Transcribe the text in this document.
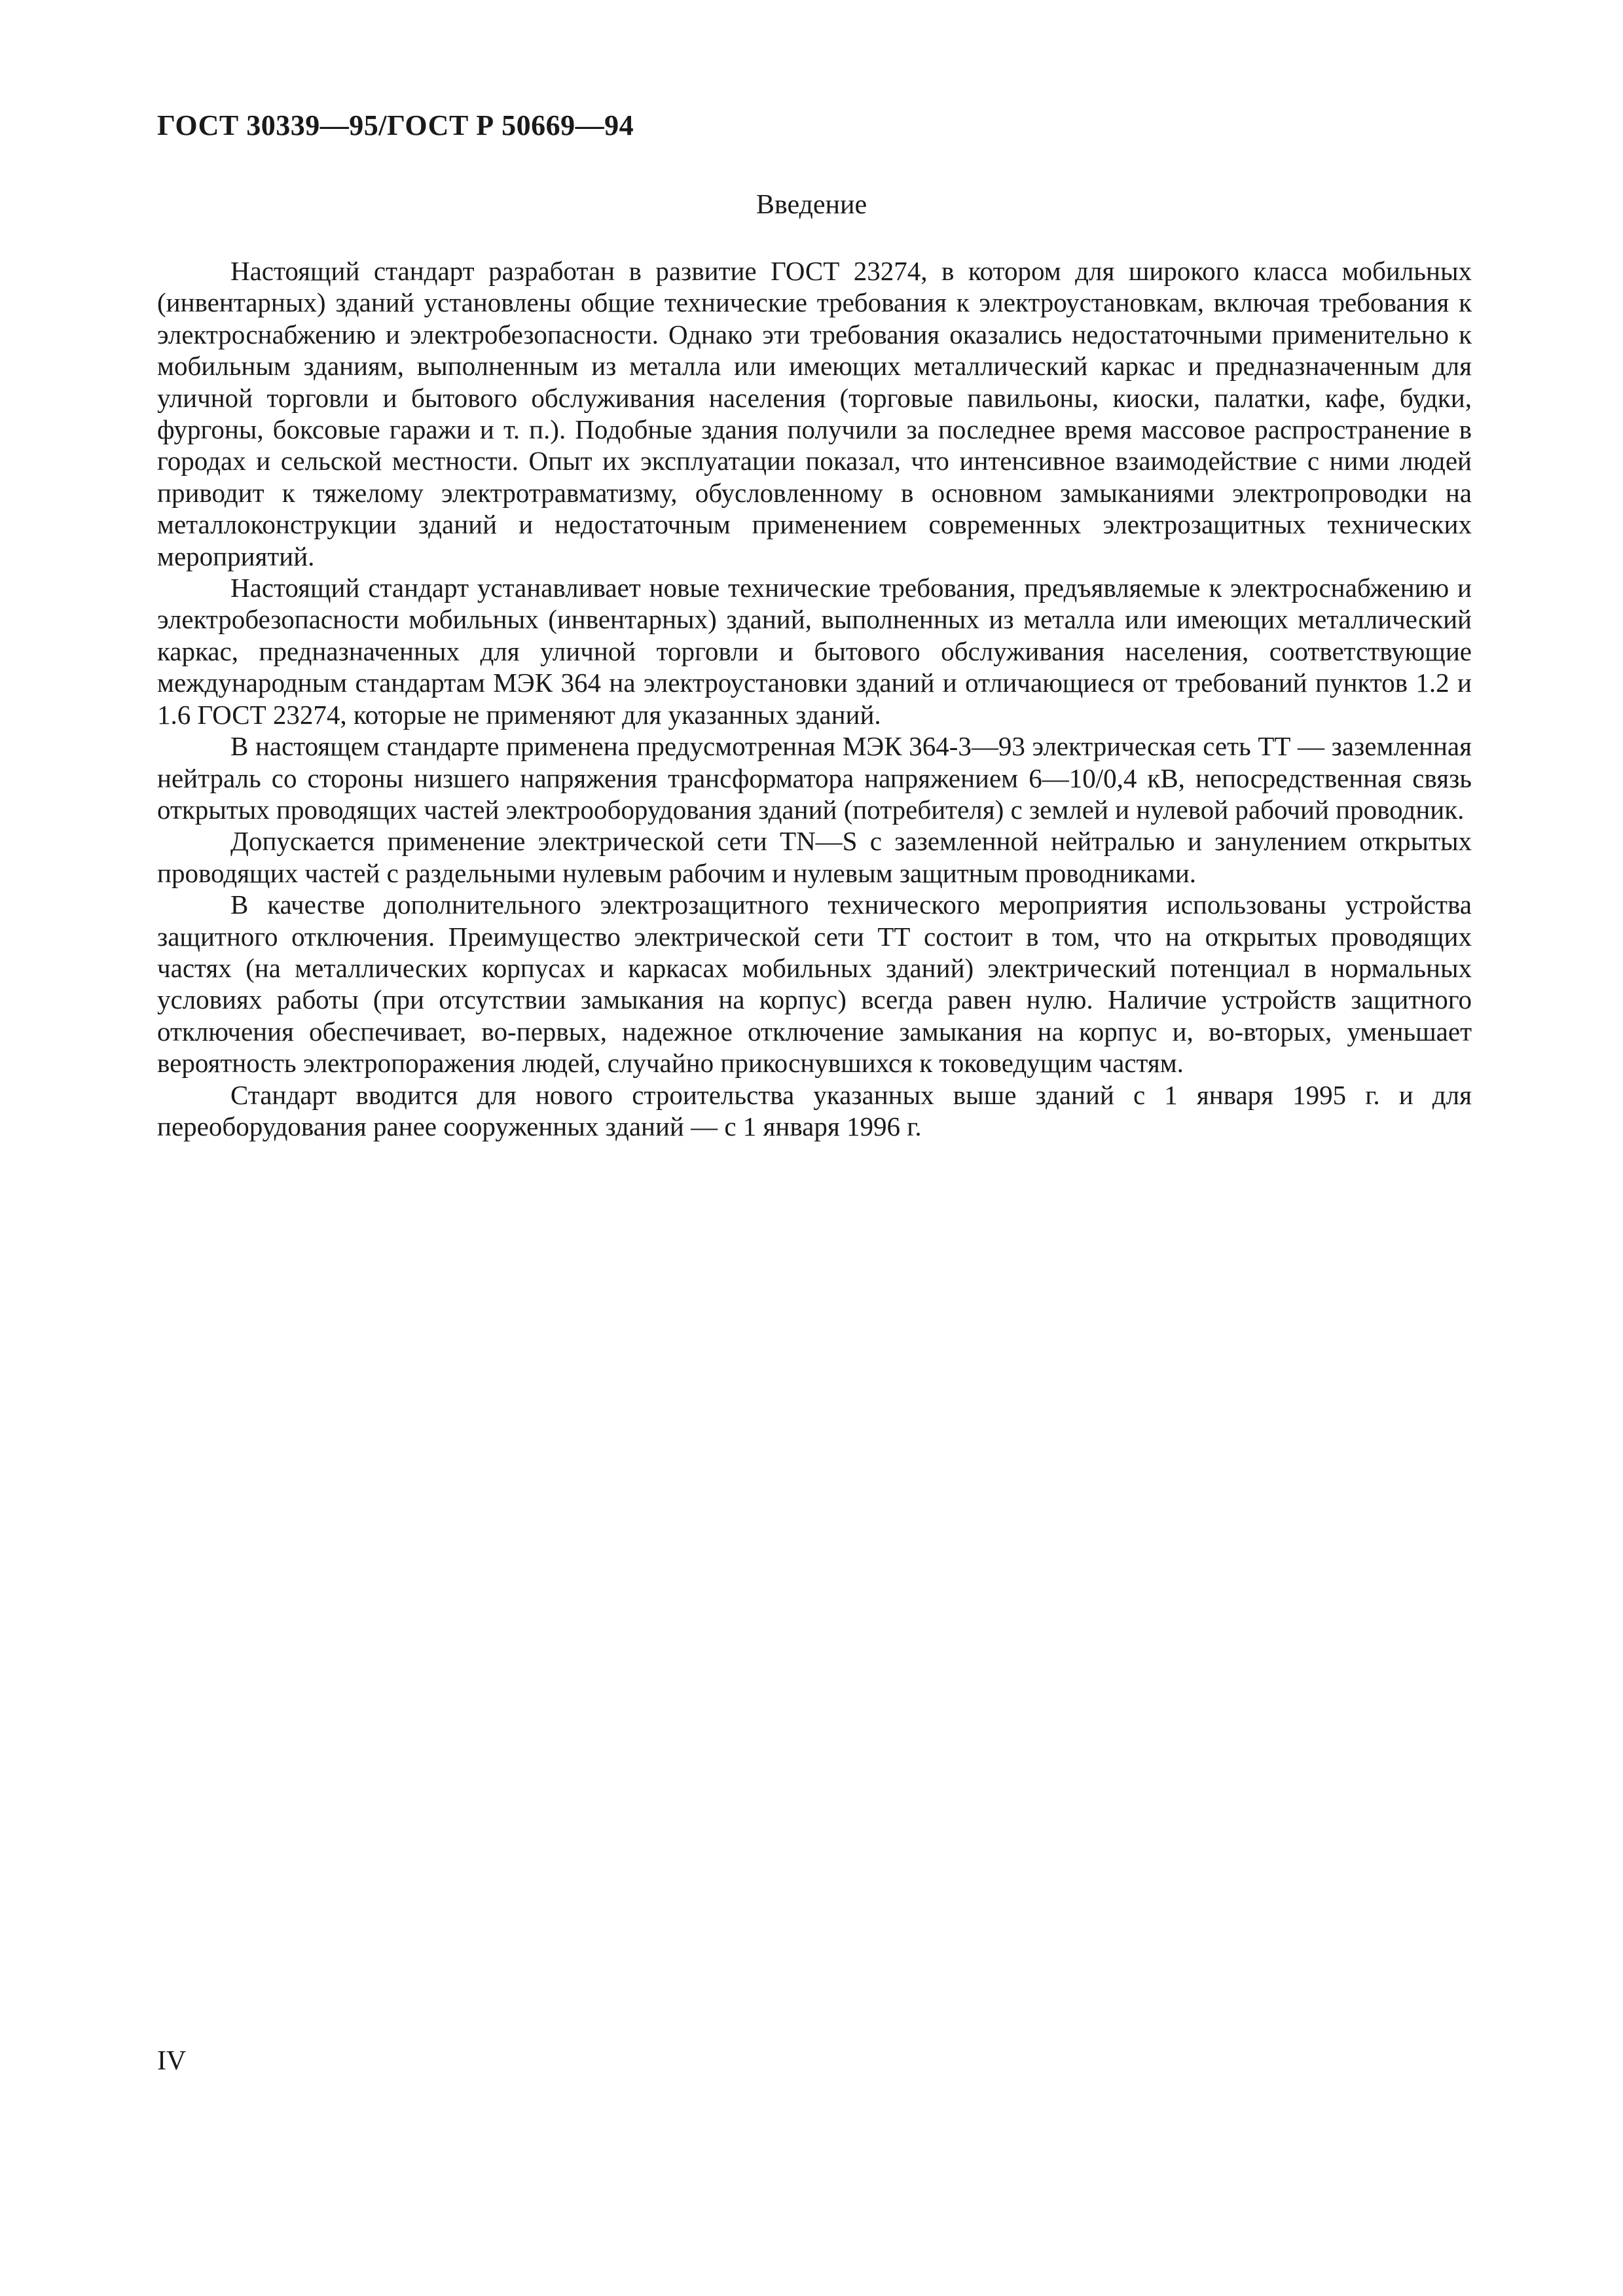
ГОСТ 30339—95/ГОСТ Р 50669—94
Введение

Настоящий стандарт разработан в развитие ГОСТ 23274, в котором для широкого класса мобильных (инвентарных) зданий установлены общие технические требования к электроустановкам, включая требования к электроснабжению и электробезопасности. Однако эти требования оказались недостаточными применительно к мобильным зданиям, выполненным из металла или имеющих металлический каркас и предназначенным для уличной торговли и бытового обслуживания населения (торговые павильоны, киоски, палатки, кафе, будки, фургоны, боксовые гаражи и т. п.). Подобные здания получили за последнее время массовое распространение в городах и сельской местности. Опыт их эксплуатации показал, что интенсивное взаимодействие с ними людей приводит к тяжелому электротравматизму, обусловленному в основном замыканиями электропроводки на металлоконструкции зданий и недостаточным применением современных электрозащитных технических мероприятий.

Настоящий стандарт устанавливает новые технические требования, предъявляемые к электроснабжению и электробезопасности мобильных (инвентарных) зданий, выполненных из металла или имеющих металлический каркас, предназначенных для уличной торговли и бытового обслуживания населения, соответствующие международным стандартам МЭК 364 на электроустановки зданий и отличающиеся от требований пунктов 1.2 и 1.6 ГОСТ 23274, которые не применяют для указанных зданий.

В настоящем стандарте применена предусмотренная МЭК 364-3—93 электрическая сеть ТТ — заземленная нейтраль со стороны низшего напряжения трансформатора напряжением 6—10/0,4 кВ, непосредственная связь открытых проводящих частей электрооборудования зданий (потребителя) с землей и нулевой рабочий проводник.

Допускается применение электрической сети TN—S с заземленной нейтралью и занулением открытых проводящих частей с раздельными нулевым рабочим и нулевым защитным проводниками.

В качестве дополнительного электрозащитного технического мероприятия использованы устройства защитного отключения. Преимущество электрической сети ТТ состоит в том, что на открытых проводящих частях (на металлических корпусах и каркасах мобильных зданий) электрический потенциал в нормальных условиях работы (при отсутствии замыкания на корпус) всегда равен нулю. Наличие устройств защитного отключения обеспечивает, во-первых, надежное отключение замыкания на корпус и, во-вторых, уменьшает вероятность электропоражения людей, случайно прикоснувшихся к токоведущим частям.

Стандарт вводится для нового строительства указанных выше зданий с 1 января 1995 г. и для переоборудования ранее сооруженных зданий — с 1 января 1996 г.

IV
